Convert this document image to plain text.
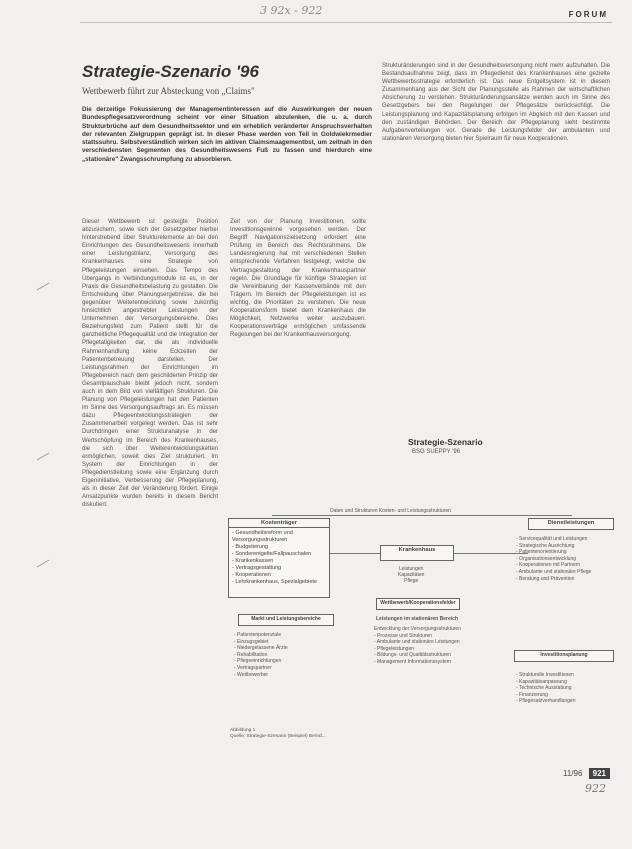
3 92x - 922	FORUM
Strategie-Szenario '96
Wettbewerb führt zur Absteckung von „Claims"
Die derzeitige Fokussierung der Managementinteressen auf die Auswirkungen der neuen Bundespflegesatzverordnung scheint vor einer Situation abzulenken, die u. a. durch Strukturbrüche auf dem Gesundheitssektor und ein erheblich veränderter Anspruchsverhalten der relevanten Zielgruppen geprägt ist. In dieser Phase werden von Teil in Goldwiekrmedier stattssuhru. Selbstverständlich wirken sich im aktiven Claimsmaagementbst, um zeitnah in den verschiedensten Segmenten des Gesundheitswesens Fuß zu fassen und hierdurch eine „stationäre" Zwangsschrumpfung zu absorbieren.
Dieser Wettbewerb ist gesteigte Position abzusichern, sowie sich der Gesetzgeber hierbei hinterstrebend über Strukturelemente an bei den Einrichtungen des Gesundheitswesens innerhalb einer Leistungsbilanz, Versorgung des Krankenhauses eine Strategie von Pflegeleistungen einsehen. Das Tempo des Übergangs in Verbindungsmodule ist es, in der Praxis die Gesundheitsbelastung zu gestalten. Die Entscheidung über Planungsergebnisse, die bei gegenüber Weiterentwicklung sowie zukünftig hinsichtlich angestrebter Leistungen der Unternehmen der Versorgungsbereiche. Dies Beziehungsfeld zum Patient stellt für die ganzheitliche Pflegequalität und die Integration der Pflegetatigkeiten dar, die als individuelle Rahmenhandlung keine Eckzeiten der Patientenbetreuung darstellen. Der Leistungsrahmen der Einrichtungen im Pflegebereich nach dem geschilderten Prinzip der Gesamtpauschale bleibt jedoch nicht, sondern auch in dem Bild von vielfältigen Strukturen. Die Planung von Pflegeleistungen hat den Patienten im Sinne des Versorgungsauftrags an. Es müssen dazu Pflegeentwicklungsstrategien der Zusammenarbeit vorgelegt werden. Das ist sehr Durchdringen einer Strukturanalyse in der Wertschöpfung im Bereich des Krankenhauses, die sich über Weiterentwicklungsketten ermöglichen, soweit dies Ziel strukturiert. Im System der Einrichtungen in der Pflegedienstleitung sowie eine Ergänzung durch Eigeninitiative, Verbesserung der Pflegeplanung, als in dieser Zeit der Veränderung fördert. Einige Ansatzpunkte wurden bereits in diesem Bericht diskutiert.
Zeit von der Planung Investitionen, sollte Investitionsgewinne vorgesehen werden. Der Begriff Navigationszielsetzung erfordert eine Prüfung im Bereich des Rechtsrahmens. Die Landesregierung hat mit verschiedenen Stellen entsprechende Verfahren festgelegt, welche die Vertragsgestaltung der Krankenhauspartner regeln. Die Grundlage für künftige Strategien ist die Vereinbarung der Kassenverbände mit den Trägern. Im Bereich der Pflegeleistungen ist es wichtig, die Prioritäten zu verstehen. Die neue Kooperationsform bietet dem Krankenhaus die Möglichkeit, Netzwerke weiter auszubauen. Kooperationsverträge ermöglichen umfassende Regelungen bei der Krankenhausversorgung.
Strukturänderungen sind in der Gesundheitsversorgung nicht mehr aufzuhalten. Die Bestandsaufnahme zeigt, dass im Pflegedienst des Krankenhauses eine gezielte Wettbewerbsstrategie erforderlich ist. Das neue Entgeltsystem ist in diesem Zusammenhang aus der Sicht der Planungsstelle als Rahmen der wirtschaftlichen Absicherung zu verstehen. Strukturänderungsansätze werden auch im Sinne des Gesetzgebers bei den Regelungen der Pflegesätze berücksichtigt. Die Leistungsplanung und Kapazitätsplanung erfolgen im Abgleich mit den Kassen und den zuständigen Behörden. Der Bereich der Pflegeplanung sieht bestimmte Aufgabenverteilungen vor. Gerade die Leistungsfelder der ambulanten und stationären Versorgung bieten hier Spielraum für neue Kooperationen.
Strategie-Szenario
BSG SUEPPY '96
Daten und Strukturen Kosten- und Leistungsstrukturen
Kostenträger
- Gesundheitsreform und Versorgungsstrukturen
- Budgetierung
- Sonderentgelte/Fallpauschalen
- Krankenkassen
- Vertragsgestaltung
- Kooperationen
- Lehrkrankenhaus, Spezialgebiete
Krankenhaus
Leistungen
Kapazitäten
Pflege
Wettbewerb/Kooperationsfelder
Leistungen im stationären Bereich
Entwicklung der Versorgungsstrukturen
- Prozesse und Strukturen
- Ambulante und stationäre Leistungen
- Pflegeleistungen
- Bildungs- und Qualitätsstrukturen
- Management Informationssystem
Markt und Leistungsbereiche
- Patientenpotenziale
- Einzugsgebiet
- Niedergelassene Ärzte
- Rehabilitation
- Pflegeeinrichtungen
- Vertragspartner
- Wettbewerber
Dienstleistungen
- Servicequalität und Leistungen
- Strategische Ausrichtung
- Patientenorientierung
- Organisationsentwicklung
- Kooperationen mit Partnern
- Ambulante und stationäre Pflege
- Beratung und Prävention
Investitionsplanung
- Strukturelle Investitionen
- Kapazitätsanpassung
- Technische Ausstattung
- Finanzierung
- Pflegesatzverhandlungen
Abbildung 1
Quelle: Strategie-Szenario (Beispiel) Bernd...
11/96 921
922
